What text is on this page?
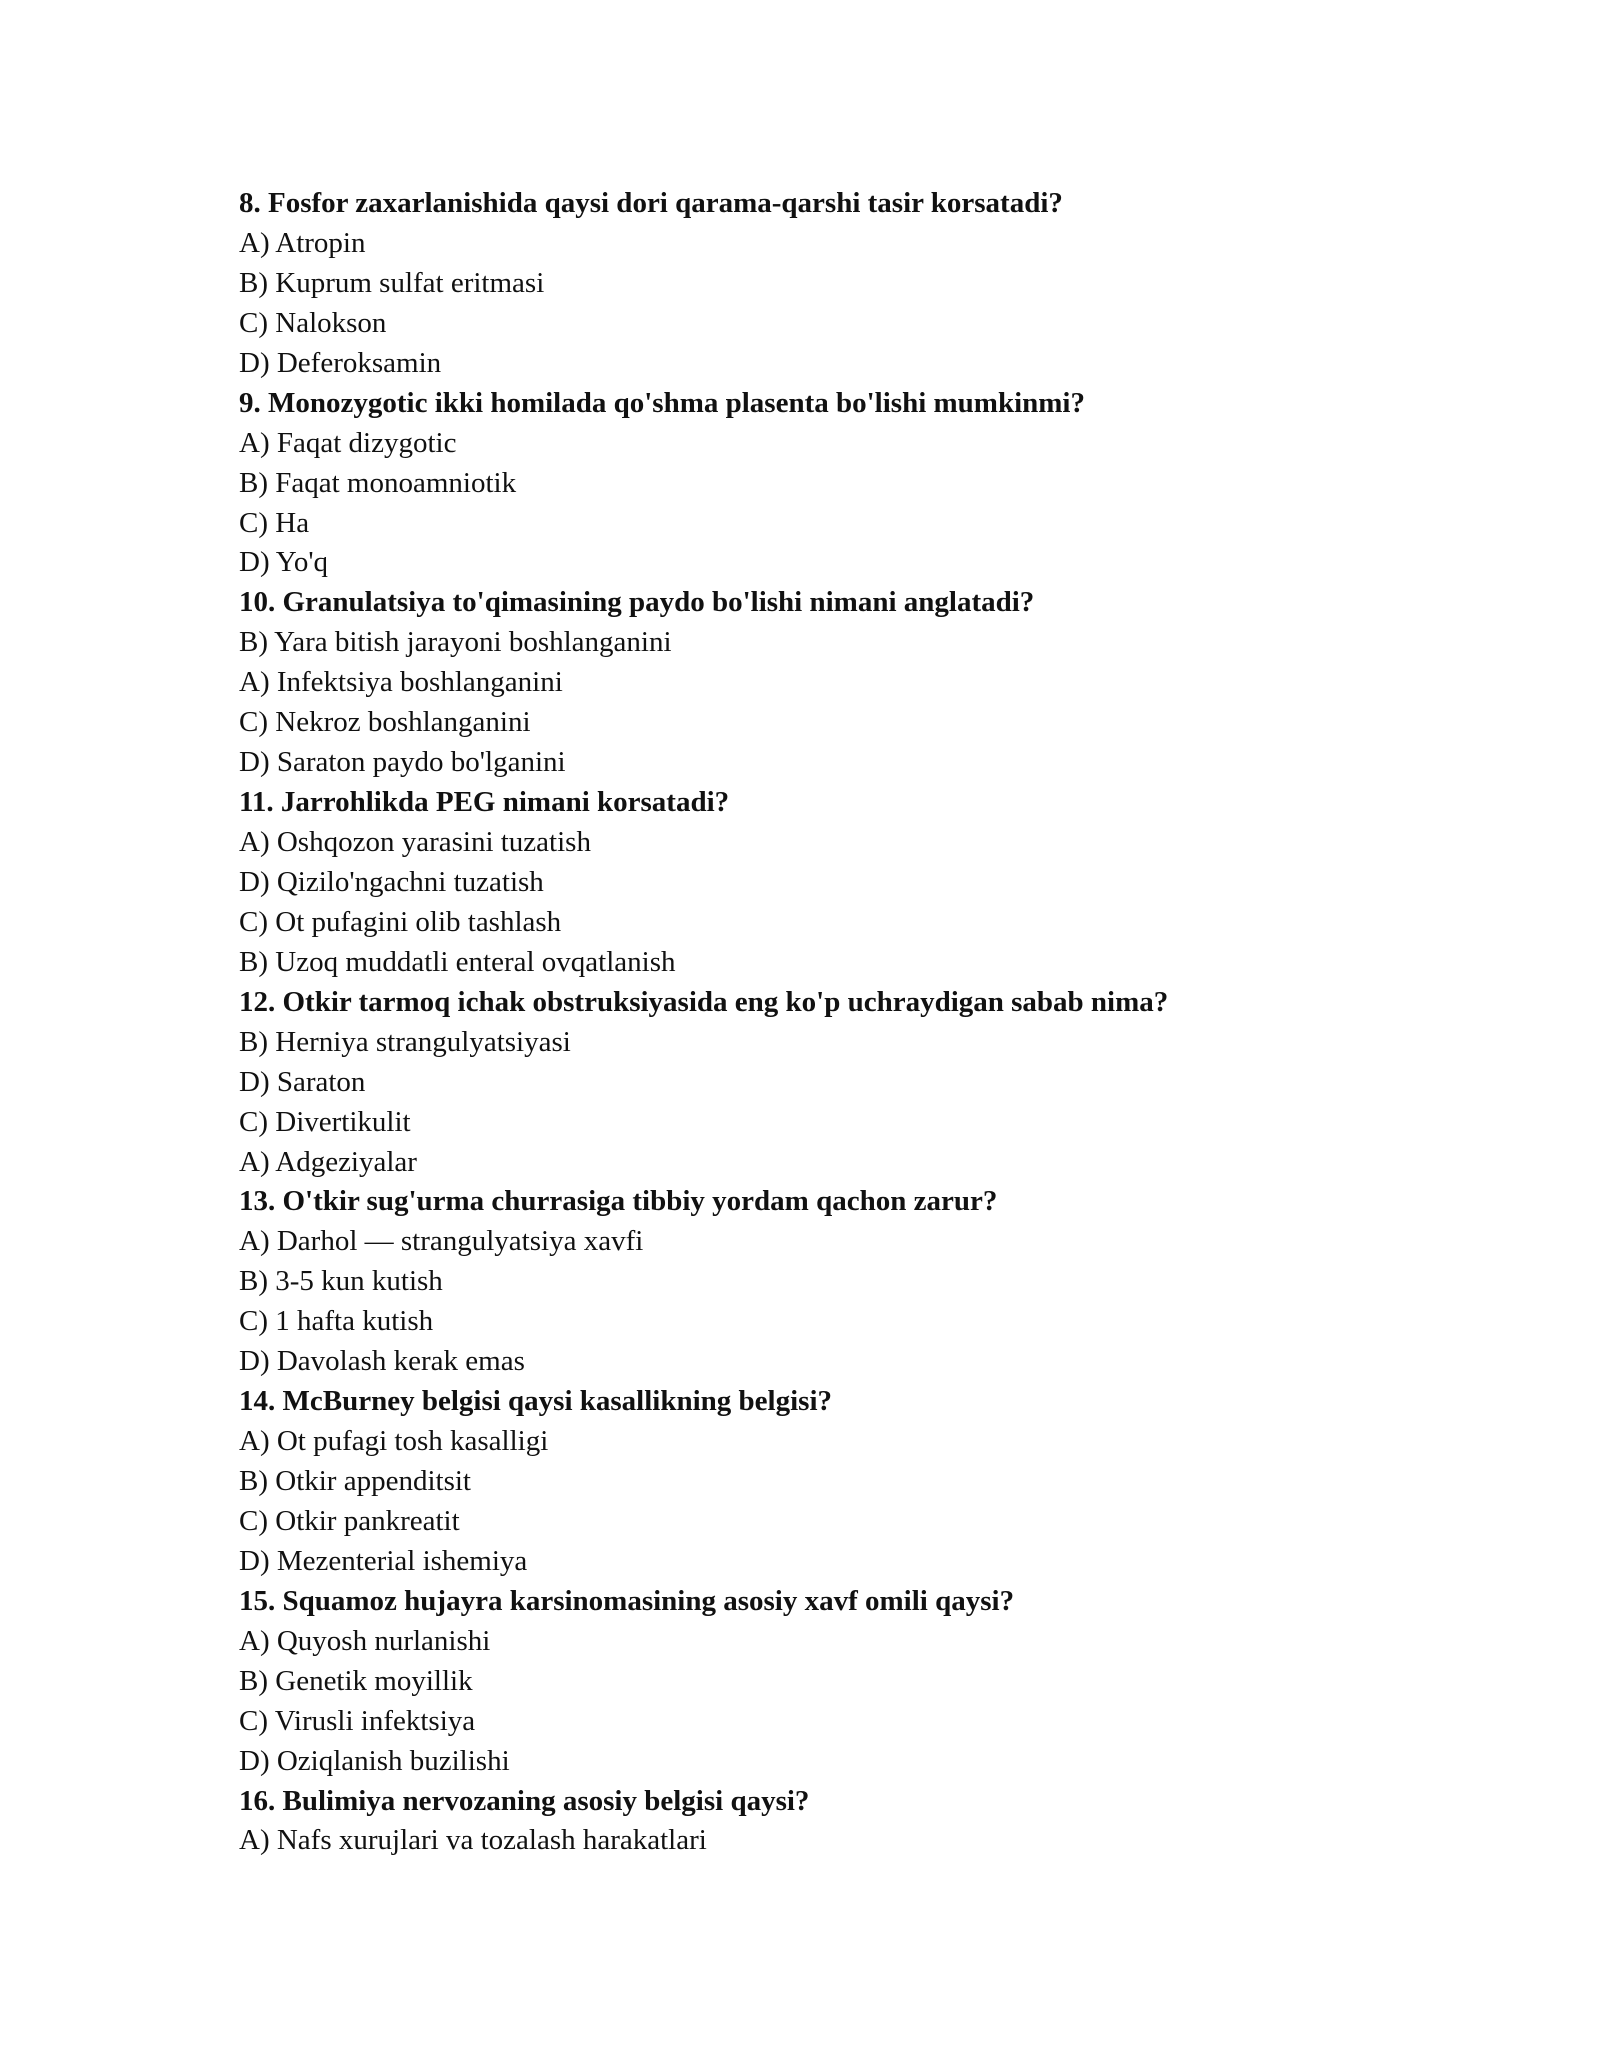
8. Fosfor zaxarlanishida qaysi dori qarama-qarshi tasir korsatadi?
A) Atropin
B) Kuprum sulfat eritmasi
C) Nalokson
D) Deferoksamin
9. Monozygotic ikki homilada qo'shma plasenta bo'lishi mumkinmi?
A) Faqat dizygotic
B) Faqat monoamniotik
C) Ha
D) Yo'q
10. Granulatsiya to'qimasining paydo bo'lishi nimani anglatadi?
B) Yara bitish jarayoni boshlanganini
A) Infektsiya boshlanganini
C) Nekroz boshlanganini
D) Saraton paydo bo'lganini
11. Jarrohlikda PEG nimani korsatadi?
A) Oshqozon yarasini tuzatish
D) Qizilo'ngachni tuzatish
C) Ot pufagini olib tashlash
B) Uzoq muddatli enteral ovqatlanish
12. Otkir tarmoq ichak obstruksiyasida eng ko'p uchraydigan sabab nima?
B) Herniya strangulyatsiyasi
D) Saraton
C) Divertikulit
A) Adgeziyalar
13. O'tkir sug'urma churrasiga tibbiy yordam qachon zarur?
A) Darhol — strangulyatsiya xavfi
B) 3-5 kun kutish
C) 1 hafta kutish
D) Davolash kerak emas
14. McBurney belgisi qaysi kasallikning belgisi?
A) Ot pufagi tosh kasalligi
B) Otkir appenditsit
C) Otkir pankreatit
D) Mezenterial ishemiya
15. Squamoz hujayra karsinomasining asosiy xavf omili qaysi?
A) Quyosh nurlanishi
B) Genetik moyillik
C) Virusli infektsiya
D) Oziqlanish buzilishi
16. Bulimiya nervozaning asosiy belgisi qaysi?
A) Nafs xurujlari va tozalash harakatlari
